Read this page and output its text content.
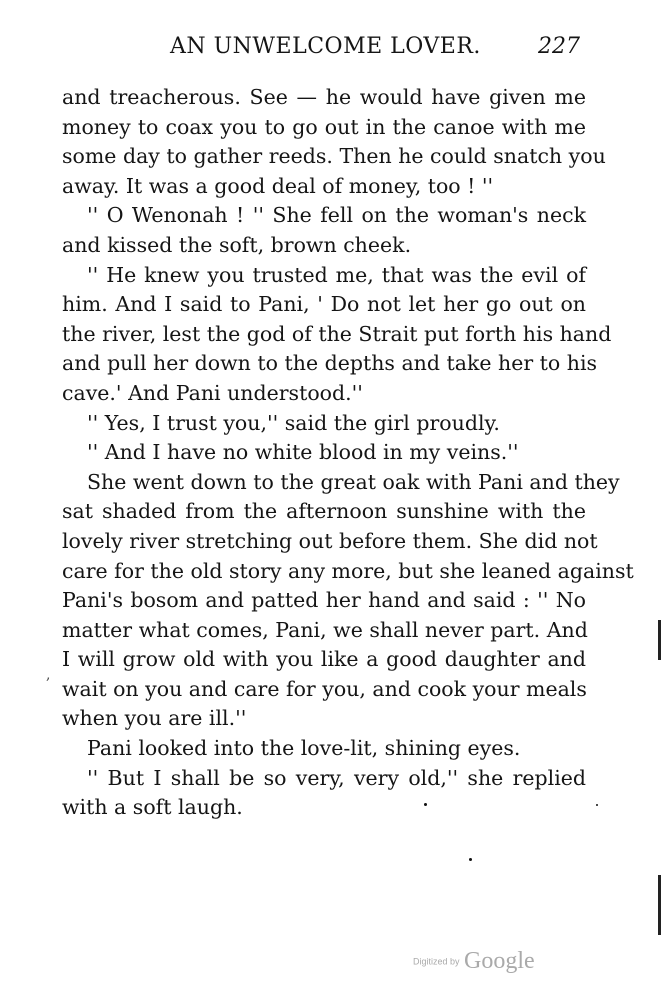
AN UNWELCOME LOVER.	227
and treacherous. See — he would have given me
money to coax you to go out in the canoe with me
some day to gather reeds. Then he could snatch you
away. It was a good deal of money, too ! ''
'' O Wenonah ! '' She fell on the woman's neck
and kissed the soft, brown cheek.
'' He knew you trusted me, that was the evil of
him. And I said to Pani, ' Do not let her go out on
the river, lest the god of the Strait put forth his hand
and pull her down to the depths and take her to his
cave.' And Pani understood.''
'' Yes, I trust you,'' said the girl proudly.
'' And I have no white blood in my veins.''
She went down to the great oak with Pani and they
sat shaded from the afternoon sunshine with the
lovely river stretching out before them. She did not
care for the old story any more, but she leaned against
Pani's bosom and patted her hand and said : '' No
matter what comes, Pani, we shall never part. And
I will grow old with you like a good daughter and
wait on you and care for you, and cook your meals
when you are ill.''
Pani looked into the love-lit, shining eyes.
'' But I shall be so very, very old,'' she replied
with a soft laugh.
,
Digitized by Google
